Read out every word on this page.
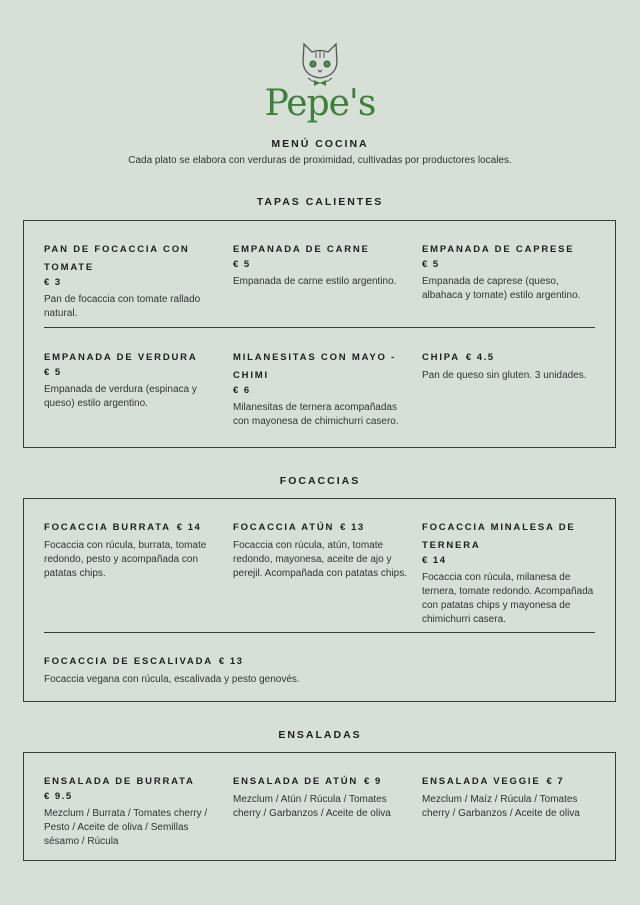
Pepe's
MENÚ COCINA
Cada plato se elabora con verduras de proximidad, cultivadas por productores locales.
TAPAS CALIENTES
PAN DE FOCACCIA CON TOMATE
€ 3
Pan de focaccia con tomate rallado natural.
EMPANADA DE CARNE
€ 5
Empanada de carne estilo argentino.
EMPANADA DE CAPRESE
€ 5
Empanada de caprese (queso, albahaca y tomate) estilo argentino.
EMPANADA DE VERDURA
€ 5
Empanada de verdura (espinaca y queso) estilo argentino.
MILANESITAS CON MAYO -CHIMI
€ 6
Milanesitas de ternera acompañadas con mayonesa de chimichurri casero.
CHIPA € 4.5
Pan de queso sin gluten. 3 unidades.
FOCACCIAS
FOCACCIA BURRATA € 14
Focaccia con rúcula, burrata, tomate redondo, pesto y acompañada con patatas chips.
FOCACCIA ATÚN € 13
Focaccia con rúcula, atún, tomate redondo, mayonesa, aceite de ajo y perejil. Acompañada con patatas chips.
FOCACCIA MINALESA DE TERNERA
€ 14
Focaccia con rúcula, milanesa de ternera, tomate redondo. Acompañada con patatas chips y mayonesa de chimichurri casera.
FOCACCIA DE ESCALIVADA € 13
Focaccia vegana con rúcula, escalivada y pesto genovés.
ENSALADAS
ENSALADA DE BURRATA
€ 9.5
Mezclum / Burrata / Tomates cherry / Pesto / Aceite de oliva / Semillas sésamo / Rúcula
ENSALADA DE ATÚN € 9
Mezclum / Atún / Rúcula / Tomates cherry / Garbanzos / Aceite de oliva
ENSALADA VEGGIE € 7
Mezclum / Maíz / Rúcula / Tomates cherry / Garbanzos / Aceite de oliva
